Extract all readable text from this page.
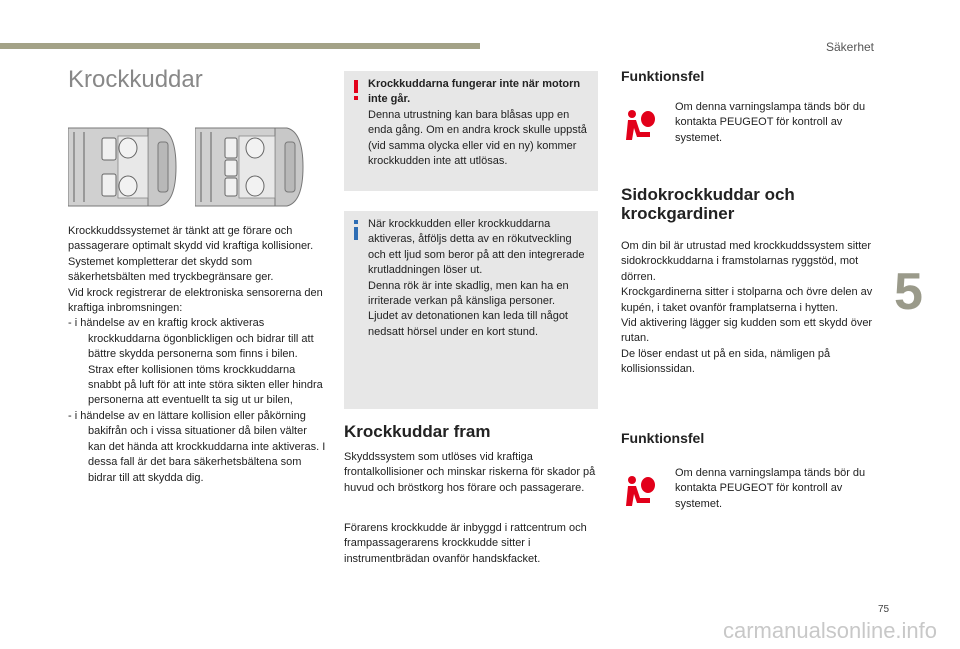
Säkerhet
5
75
carmanualsonline.info
Krockkuddar

Krockkuddssystemet är tänkt att ge förare och passagerare optimalt skydd vid kraftiga kollisioner. Systemet kompletterar det skydd som säkerhetsbälten med tryckbegränsare ger.

Vid krock registrerar de elektroniska sensorerna den kraftiga inbromsningen:

- i händelse av en kraftig krock aktiveras krockkuddarna ögonblickligen och bidrar till att bättre skydda personerna som finns i bilen. Strax efter kollisionen töms krockkuddarna snabbt på luft för att inte störa sikten eller hindra personerna att eventuellt ta sig ut ur bilen,

- i händelse av en lättare kollision eller påkörning bakifrån och i vissa situationer då bilen välter kan det hända att krockkuddarna inte aktiveras. I dessa fall är det bara säkerhetsbältena som bidrar till att skydda dig.

Krockkuddarna fungerar inte när motorn inte går.
Denna utrustning kan bara blåsas upp en enda gång. Om en andra krock skulle uppstå (vid samma olycka eller vid en ny) kommer krockkudden inte att utlösas.
När krockkudden eller krockkuddarna aktiveras, åtföljs detta av en rökutveckling och ett ljud som beror på att den integrerade krutladdningen löser ut.
Denna rök är inte skadlig, men kan ha en irriterade verkan på känsliga personer.
Ljudet av detonationen kan leda till något nedsatt hörsel under en kort stund.
Krockkuddar fram

Skyddssystem som utlöses vid kraftiga frontalkollisioner och minskar riskerna för skador på huvud och bröstkorg hos förare och passagerare.

Förarens krockkudde är inbyggd i rattcentrum och frampassagerarens krockkudde sitter i instrumentbrädan ovanför handskfacket.

Funktionsfel

Om denna varningslampa tänds bör du kontakta PEUGEOT för kontroll av systemet.

Sidokrockkuddar och krockgardiner

Om din bil är utrustad med krockkuddssystem sitter sidokrockkuddarna i framstolarnas ryggstöd, mot dörren.
Krockgardinerna sitter i stolparna och övre delen av kupén, i taket ovanför framplatserna i hytten.
Vid aktivering lägger sig kudden som ett skydd över rutan.
De löser endast ut på en sida, nämligen på kollisionssidan.

Funktionsfel

Om denna varningslampa tänds bör du kontakta PEUGEOT för kontroll av systemet.
